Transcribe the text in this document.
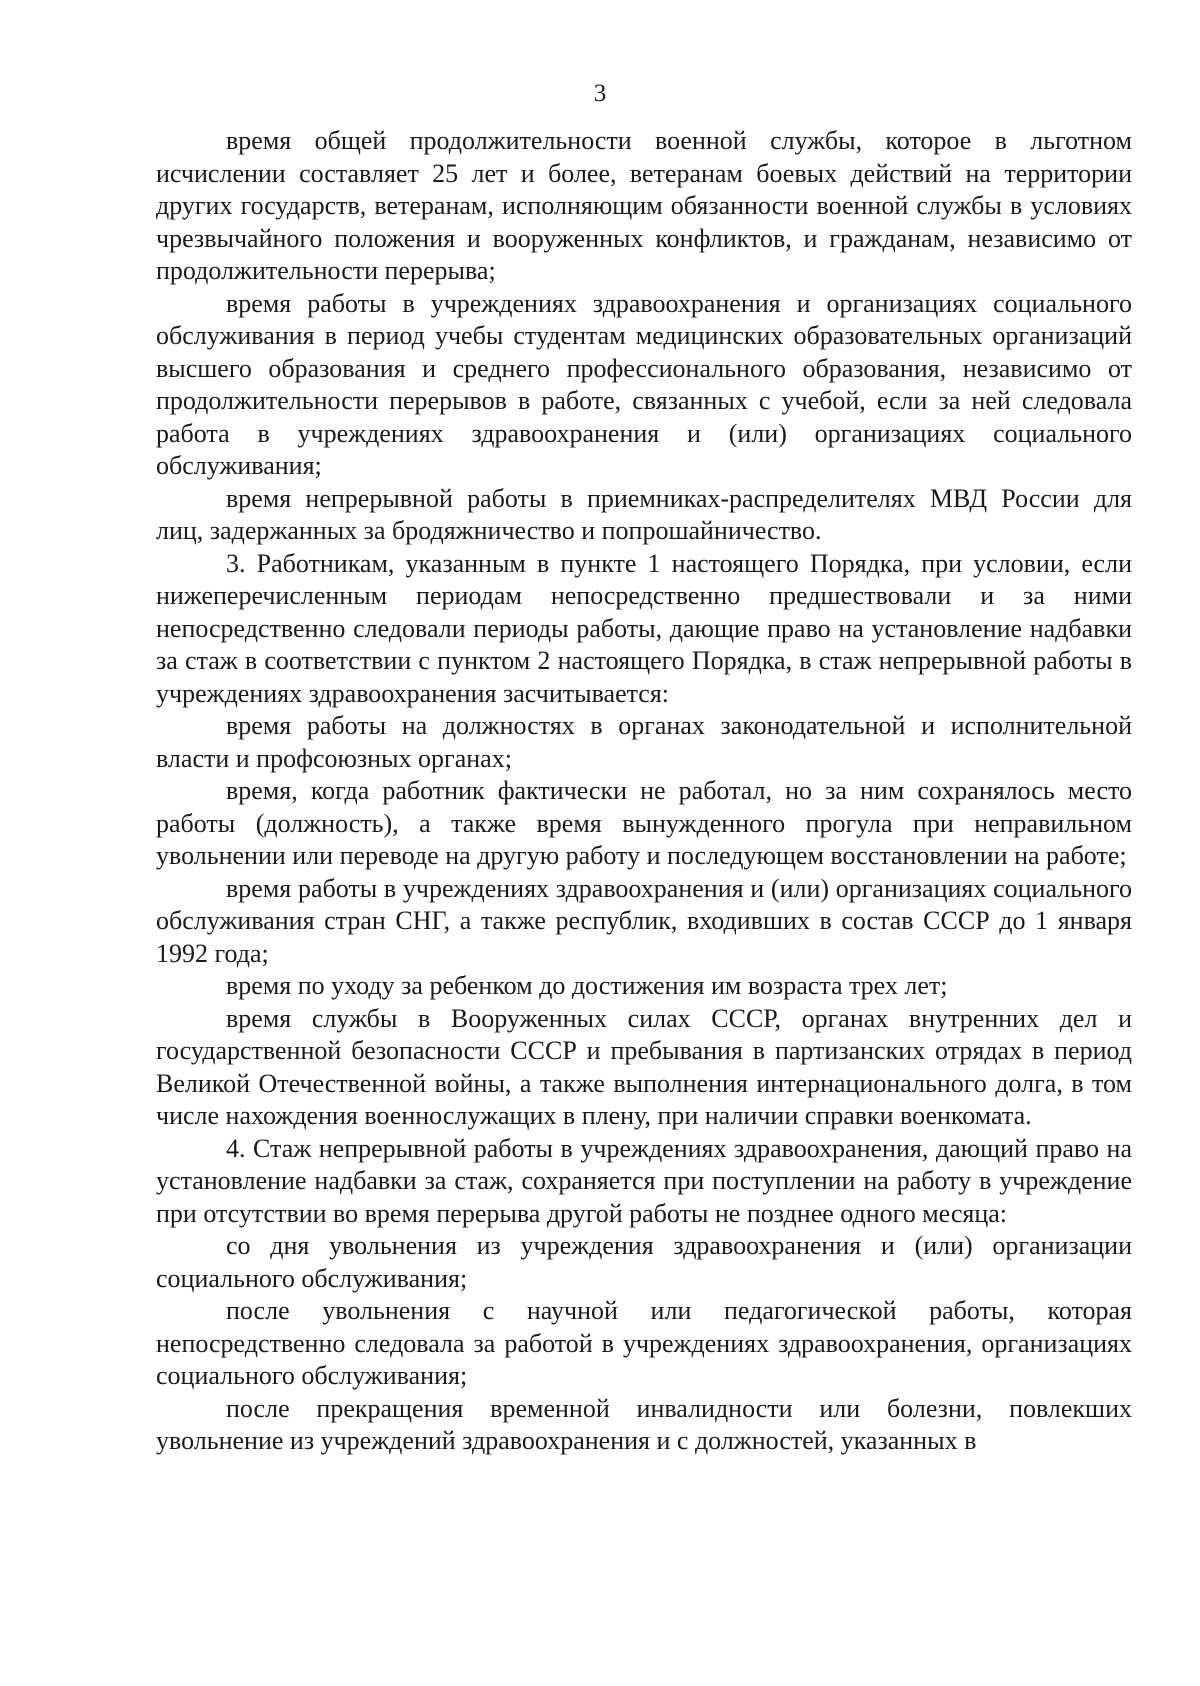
3

время общей продолжительности военной службы, которое в льготном исчислении составляет 25 лет и более, ветеранам боевых действий на территории других государств, ветеранам, исполняющим обязанности военной службы в условиях чрезвычайного положения и вооруженных конфликтов, и гражданам, независимо от продолжительности перерыва;

время работы в учреждениях здравоохранения и организациях социального обслуживания в период учебы студентам медицинских образовательных организаций высшего образования и среднего профессионального образования, независимо от продолжительности перерывов в работе, связанных с учебой, если за ней следовала работа в учреждениях здравоохранения и (или) организациях социального обслуживания;

время непрерывной работы в приемниках-распределителях МВД России для лиц, задержанных за бродяжничество и попрошайничество.

3. Работникам, указанным в пункте 1 настоящего Порядка, при условии, если нижеперечисленным периодам непосредственно предшествовали и за ними непосредственно следовали периоды работы, дающие право на установление надбавки за стаж в соответствии с пунктом 2 настоящего Порядка, в стаж непрерывной работы в учреждениях здравоохранения засчитывается:

время работы на должностях в органах законодательной и исполнительной власти и профсоюзных органах;

время, когда работник фактически не работал, но за ним сохранялось место работы (должность), а также время вынужденного прогула при неправильном увольнении или переводе на другую работу и последующем восстановлении на работе;

время работы в учреждениях здравоохранения и (или) организациях социального обслуживания стран СНГ, а также республик, входивших в состав СССР до 1 января 1992 года;

время по уходу за ребенком до достижения им возраста трех лет;

время службы в Вооруженных силах СССР, органах внутренних дел и государственной безопасности СССР и пребывания в партизанских отрядах в период Великой Отечественной войны, а также выполнения интернационального долга, в том числе нахождения военнослужащих в плену, при наличии справки военкомата.

4. Стаж непрерывной работы в учреждениях здравоохранения, дающий право на установление надбавки за стаж, сохраняется при поступлении на работу в учреждение при отсутствии во время перерыва другой работы не позднее одного месяца:

со дня увольнения из учреждения здравоохранения и (или) организации социального обслуживания;

после увольнения с научной или педагогической работы, которая непосредственно следовала за работой в учреждениях здравоохранения, организациях социального обслуживания;

после прекращения временной инвалидности или болезни, повлекших увольнение из учреждений здравоохранения и с должностей, указанных в
